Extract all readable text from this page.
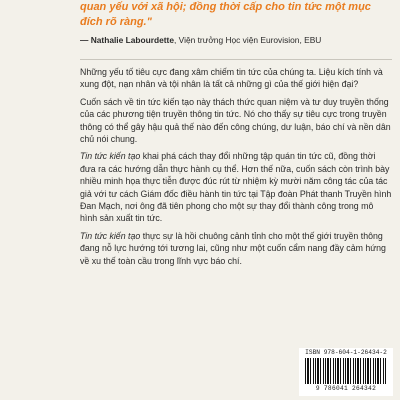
quan yếu với xã hội; đồng thời cấp cho tin tức một mục
đích rõ ràng."

— Nathalie Labourdette, Viện trưởng Học viện Eurovision, EBU

Những yếu tố tiêu cực đang xâm chiếm tin tức của chúng ta. Liệu kích tính và xung đột, nạn nhân và tội nhân là tất cả những gì của thế giới hiện đại?

Cuốn sách về tin tức kiến tạo này thách thức quan niệm và tư duy truyền thống của các phương tiện truyền thông tin tức. Nó cho thấy sự tiêu cực trong truyền thông có thể gây hậu quả thế nào đến công chúng, dư luận, báo chí và nền dân chủ nói chung.

Tin tức kiến tạo khai phá cách thay đổi những tập quán tin tức cũ, đồng thời đưa ra các hướng dẫn thực hành cụ thể. Hơn thế nữa, cuốn sách còn trình bày nhiều minh họa thực tiễn được đúc rút từ nhiệm kỳ mười năm công tác của tác giả với tư cách Giám đốc điều hành tin tức tại Tập đoàn Phát thanh Truyền hình Đan Mạch, nơi ông đã tiên phong cho một sự thay đổi thành công trong mô hình sản xuất tin tức.

Tin tức kiến tạo thực sự là hồi chuông cảnh tỉnh cho một thế giới truyền thông đang nỗ lực hướng tới tương lai, cũng như một cuốn cẩm nang đầy cảm hứng về xu thế toàn cầu trong lĩnh vực báo chí.

ISBN 978-604-1-26434-2
9 786041 264342
